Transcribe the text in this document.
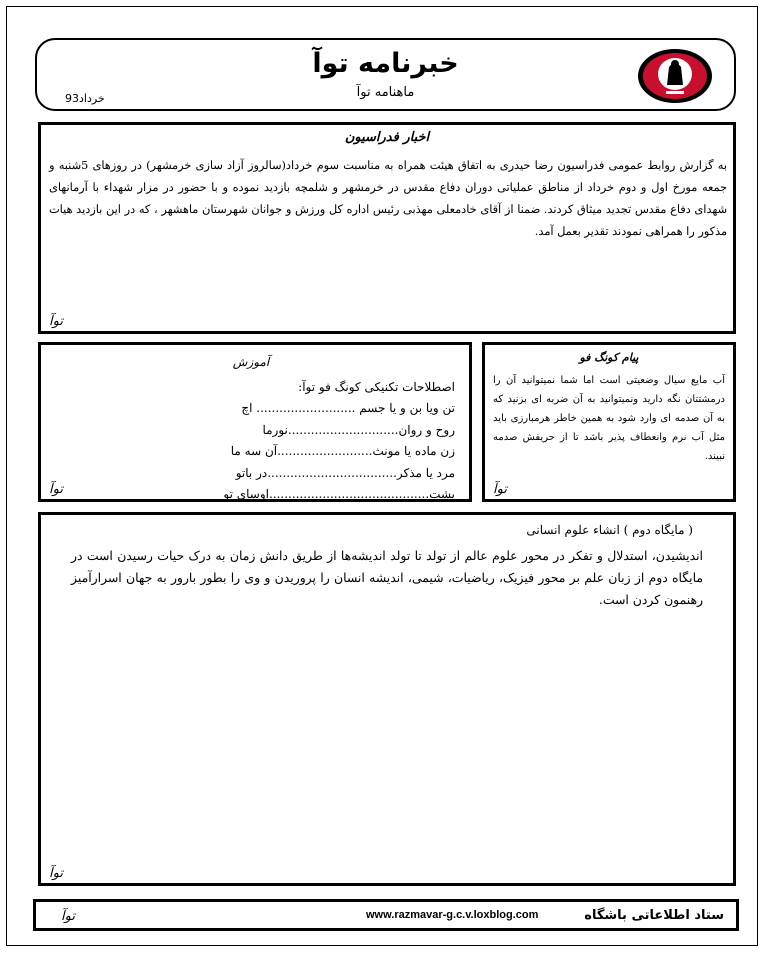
خبرنامه توآ
ماهنامه توآ
خرداد93
اخبار فدراسیون
به گزارش روابط عمومی فدراسیون رضا حیدری به اتفاق هیئت همراه به مناسبت سوم خرداد(سالروز آزاد سازی خرمشهر) در روزهای 5شنبه و جمعه مورخ اول و دوم خرداد از مناطق عملیاتی دوران دفاع مقدس در خرمشهر و شلمچه بازدید نموده و با حضور در مزار شهداء با آرمانهای شهدای دفاع مقدس تجدید میثاق کردند. ضمنا از آقای خادمعلی مهذبی رئیس اداره کل ورزش و جوانان شهرستان ماهشهر ، که در این بازدید هیات مذکور را همراهی نمودند تقدیر بعمل آمد.
توآ
آموزش
اصطلاحات تکنیکی کونگ فو توآ:
تن ویا بن و یا جسم .......................... اچ
روح و روان.............................نورما
زن ماده یا مونث.........................آن سه ما
مرد یا مذکر..................................در باتو
بشت..........................................اوسای تو
توآ
پیام کونگ فو
آب مایع سیال وضعیتی است اما شما نمیتوانید آن را درمشتتان نگه دارید ونمیتوانید به آن ضربه ای بزنید که به آن صدمه ای وارد شود به همین خاطر هرمبارزی باید مثل آب نرم وانعطاف پذیر باشد تا از حریفش صدمه نبیند.
توآ
( مایگاه دوم ) انشاء علوم انسانی
اندیشیدن، استدلال و تفکر در محور علوم عالم از تولد تا تولد اندیشه‌ها از طریق دانش زمان به درک حیات رسیدن است در مایگاه دوم از زبان علم بر محور فیزیک، ریاضیات، شیمی، اندیشه انسان را پروریدن و وی را بطور بارور به جهان اسرارآمیز رهنمون کردن است.
توآ
ستاد اطلاعاتی باشگاه
www.razmavar-g.c.v.loxblog.com
توآ
